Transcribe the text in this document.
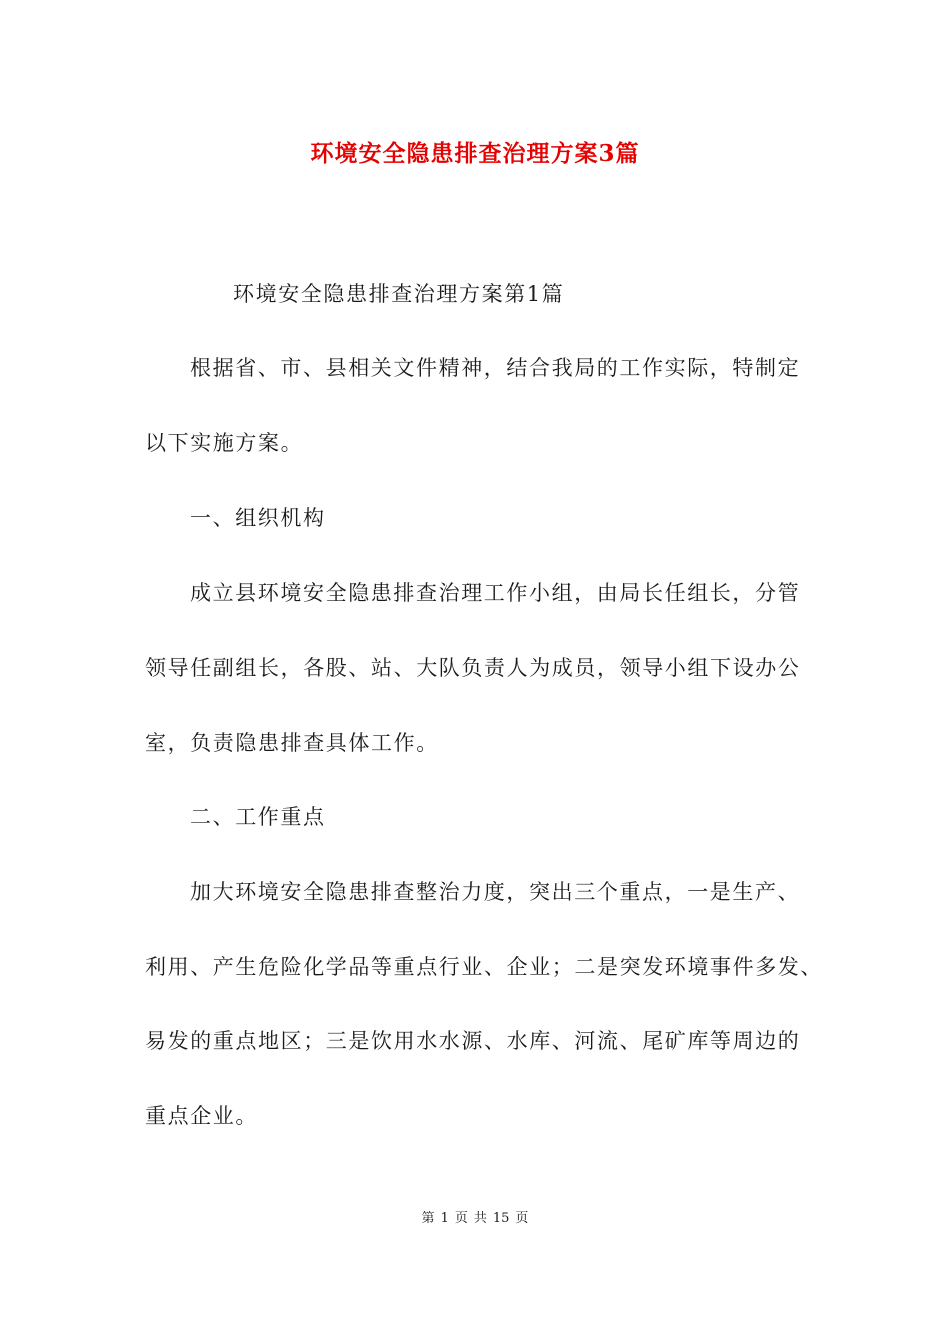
环境安全隐患排查治理方案3篇

环境安全隐患排查治理方案第1篇

根据省、市、县相关文件精神，结合我局的工作实际，特制定

以下实施方案。

一、组织机构

成立县环境安全隐患排查治理工作小组，由局长任组长，分管

领导任副组长，各股、站、大队负责人为成员，领导小组下设办公

室，负责隐患排查具体工作。

二、工作重点

加大环境安全隐患排查整治力度，突出三个重点，一是生产、

利用、产生危险化学品等重点行业、企业；二是突发环境事件多发、

易发的重点地区；三是饮用水水源、水库、河流、尾矿库等周边的

重点企业。

第 1 页 共 15 页
